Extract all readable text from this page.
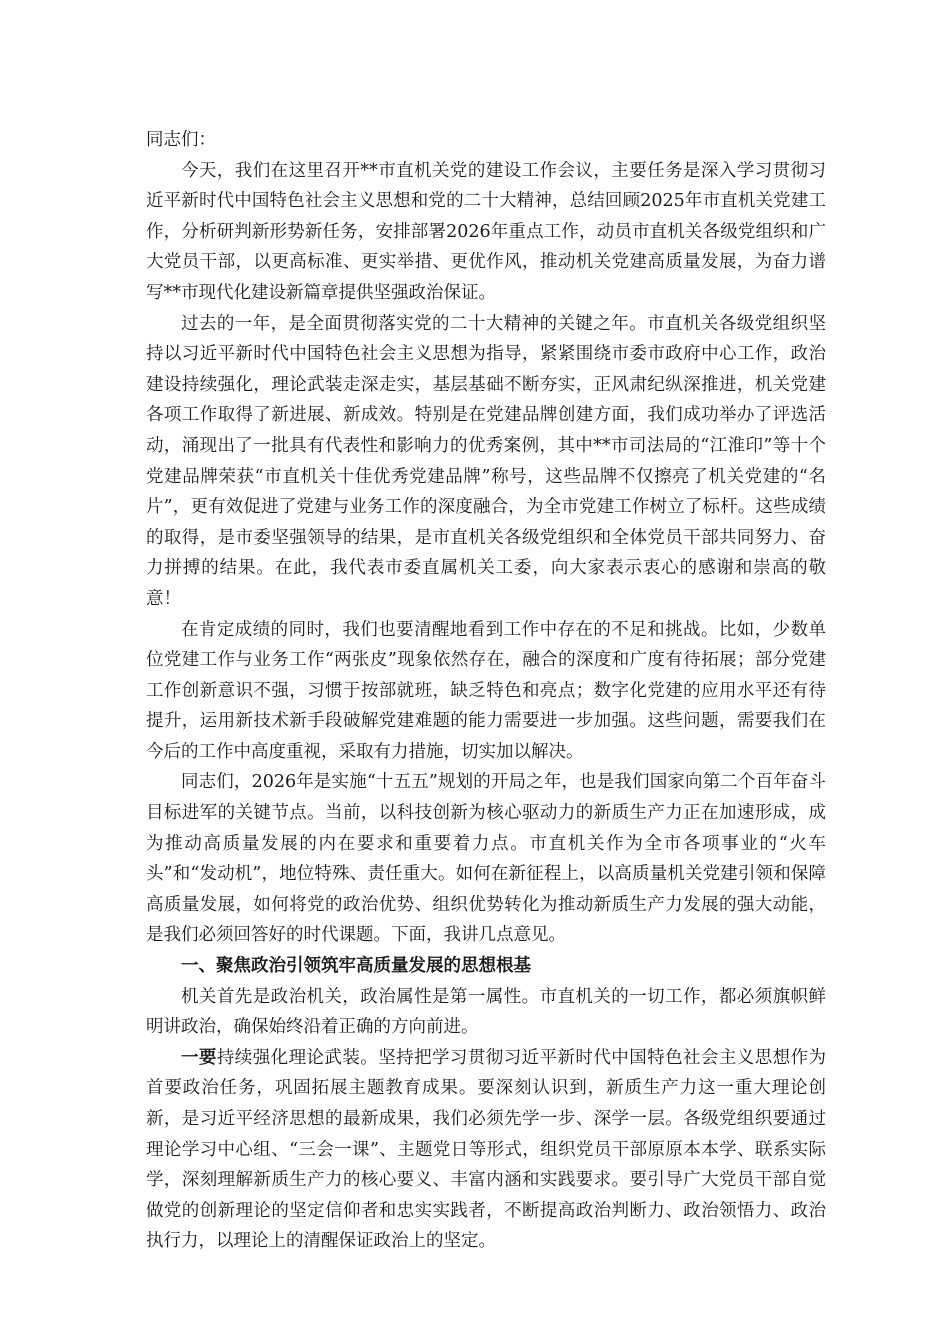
同志们：

今天，我们在这里召开**市直机关党的建设工作会议，主要任务是深入学习贯彻习近平新时代中国特色社会主义思想和党的二十大精神，总结回顾2025年市直机关党建工作，分析研判新形势新任务，安排部署2026年重点工作，动员市直机关各级党组织和广大党员干部，以更高标准、更实举措、更优作风，推动机关党建高质量发展，为奋力谱写**市现代化建设新篇章提供坚强政治保证。

过去的一年，是全面贯彻落实党的二十大精神的关键之年。市直机关各级党组织坚持以习近平新时代中国特色社会主义思想为指导，紧紧围绕市委市政府中心工作，政治建设持续强化，理论武装走深走实，基层基础不断夯实，正风肃纪纵深推进，机关党建各项工作取得了新进展、新成效。特别是在党建品牌创建方面，我们成功举办了评选活动，涌现出了一批具有代表性和影响力的优秀案例，其中**市司法局的“江淮印”等十个党建品牌荣获“市直机关十佳优秀党建品牌”称号，这些品牌不仅擦亮了机关党建的“名片”，更有效促进了党建与业务工作的深度融合，为全市党建工作树立了标杆。这些成绩的取得，是市委坚强领导的结果，是市直机关各级党组织和全体党员干部共同努力、奋力拼搏的结果。在此，我代表市委直属机关工委，向大家表示衷心的感谢和崇高的敬意！

在肯定成绩的同时，我们也要清醒地看到工作中存在的不足和挑战。比如，少数单位党建工作与业务工作“两张皮”现象依然存在，融合的深度和广度有待拓展；部分党建工作创新意识不强，习惯于按部就班，缺乏特色和亮点；数字化党建的应用水平还有待提升，运用新技术新手段破解党建难题的能力需要进一步加强。这些问题，需要我们在今后的工作中高度重视，采取有力措施，切实加以解决。

同志们，2026年是实施“十五五”规划的开局之年，也是我们国家向第二个百年奋斗目标进军的关键节点。当前，以科技创新为核心驱动力的新质生产力正在加速形成，成为推动高质量发展的内在要求和重要着力点。市直机关作为全市各项事业的“火车头”和“发动机”，地位特殊、责任重大。如何在新征程上，以高质量机关党建引领和保障高质量发展，如何将党的政治优势、组织优势转化为推动新质生产力发展的强大动能，是我们必须回答好的时代课题。下面，我讲几点意见。

一、聚焦政治引领筑牢高质量发展的思想根基

机关首先是政治机关，政治属性是第一属性。市直机关的一切工作，都必须旗帜鲜明讲政治，确保始终沿着正确的方向前进。

一要持续强化理论武装。坚持把学习贯彻习近平新时代中国特色社会主义思想作为首要政治任务，巩固拓展主题教育成果。要深刻认识到，新质生产力这一重大理论创新，是习近平经济思想的最新成果，我们必须先学一步、深学一层。各级党组织要通过理论学习中心组、“三会一课”、主题党日等形式，组织党员干部原原本本学、联系实际学，深刻理解新质生产力的核心要义、丰富内涵和实践要求。要引导广大党员干部自觉做党的创新理论的坚定信仰者和忠实实践者，不断提高政治判断力、政治领悟力、政治执行力，以理论上的清醒保证政治上的坚定。
